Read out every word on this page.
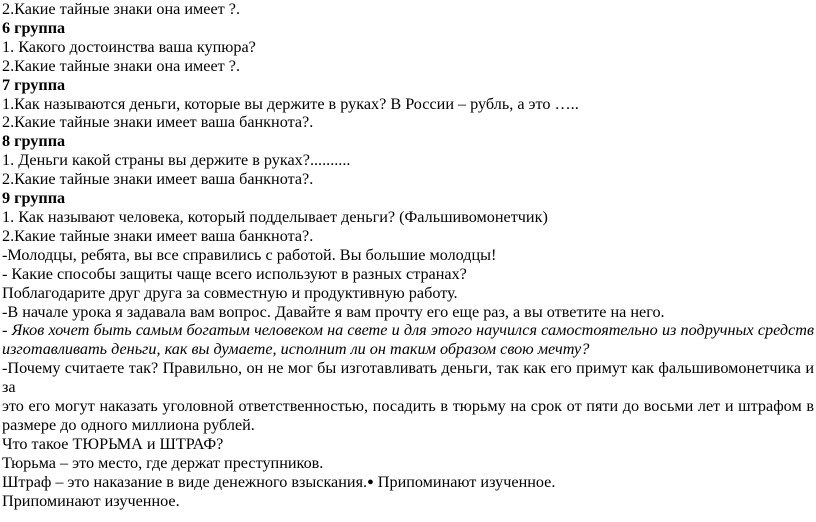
2.Какие тайные знаки она имеет ?.

6 группа

1. Какого достоинства ваша купюра?

2.Какие тайные знаки она имеет ?.

7 группа

1.Как называются деньги, которые вы держите в руках? В России – рубль, а это …..

2.Какие тайные знаки имеет ваша банкнота?.

8 группа

1. Деньги какой страны вы держите в руках?..........

2.Какие тайные знаки имеет ваша банкнота?.

9 группа

1. Как называют человека, который подделывает деньги? (Фальшивомонетчик)

2.Какие тайные знаки имеет ваша банкнота?.

-Молодцы, ребята, вы все справились с работой. Вы большие молодцы!

- Какие способы защиты чаще всего используют в разных странах?

Поблагодарите друг друга за совместную и продуктивную работу.

-В начале урока я задавала вам вопрос. Давайте я вам прочту его еще раз, а вы ответите на него.

- Яков хочет быть самым богатым человеком на свете и для этого научился самостоятельно из подручных средств

изготавливать деньги, как вы думаете, исполнит ли он таким образом свою мечту?

-Почему считаете так? Правильно, он не мог бы изготавливать деньги, так как его примут как фальшивомонетчика и за

это его могут наказать уголовной ответственностью, посадить в тюрьму на срок от пяти до восьми лет и штрафом в

размере до одного миллиона рублей.

Что такое ТЮРЬМА и ШТРАФ?

Тюрьма – это место, где держат преступников.

Штраф – это наказание в виде денежного взыскания.● Припоминают изученное.

Припоминают изученное.
